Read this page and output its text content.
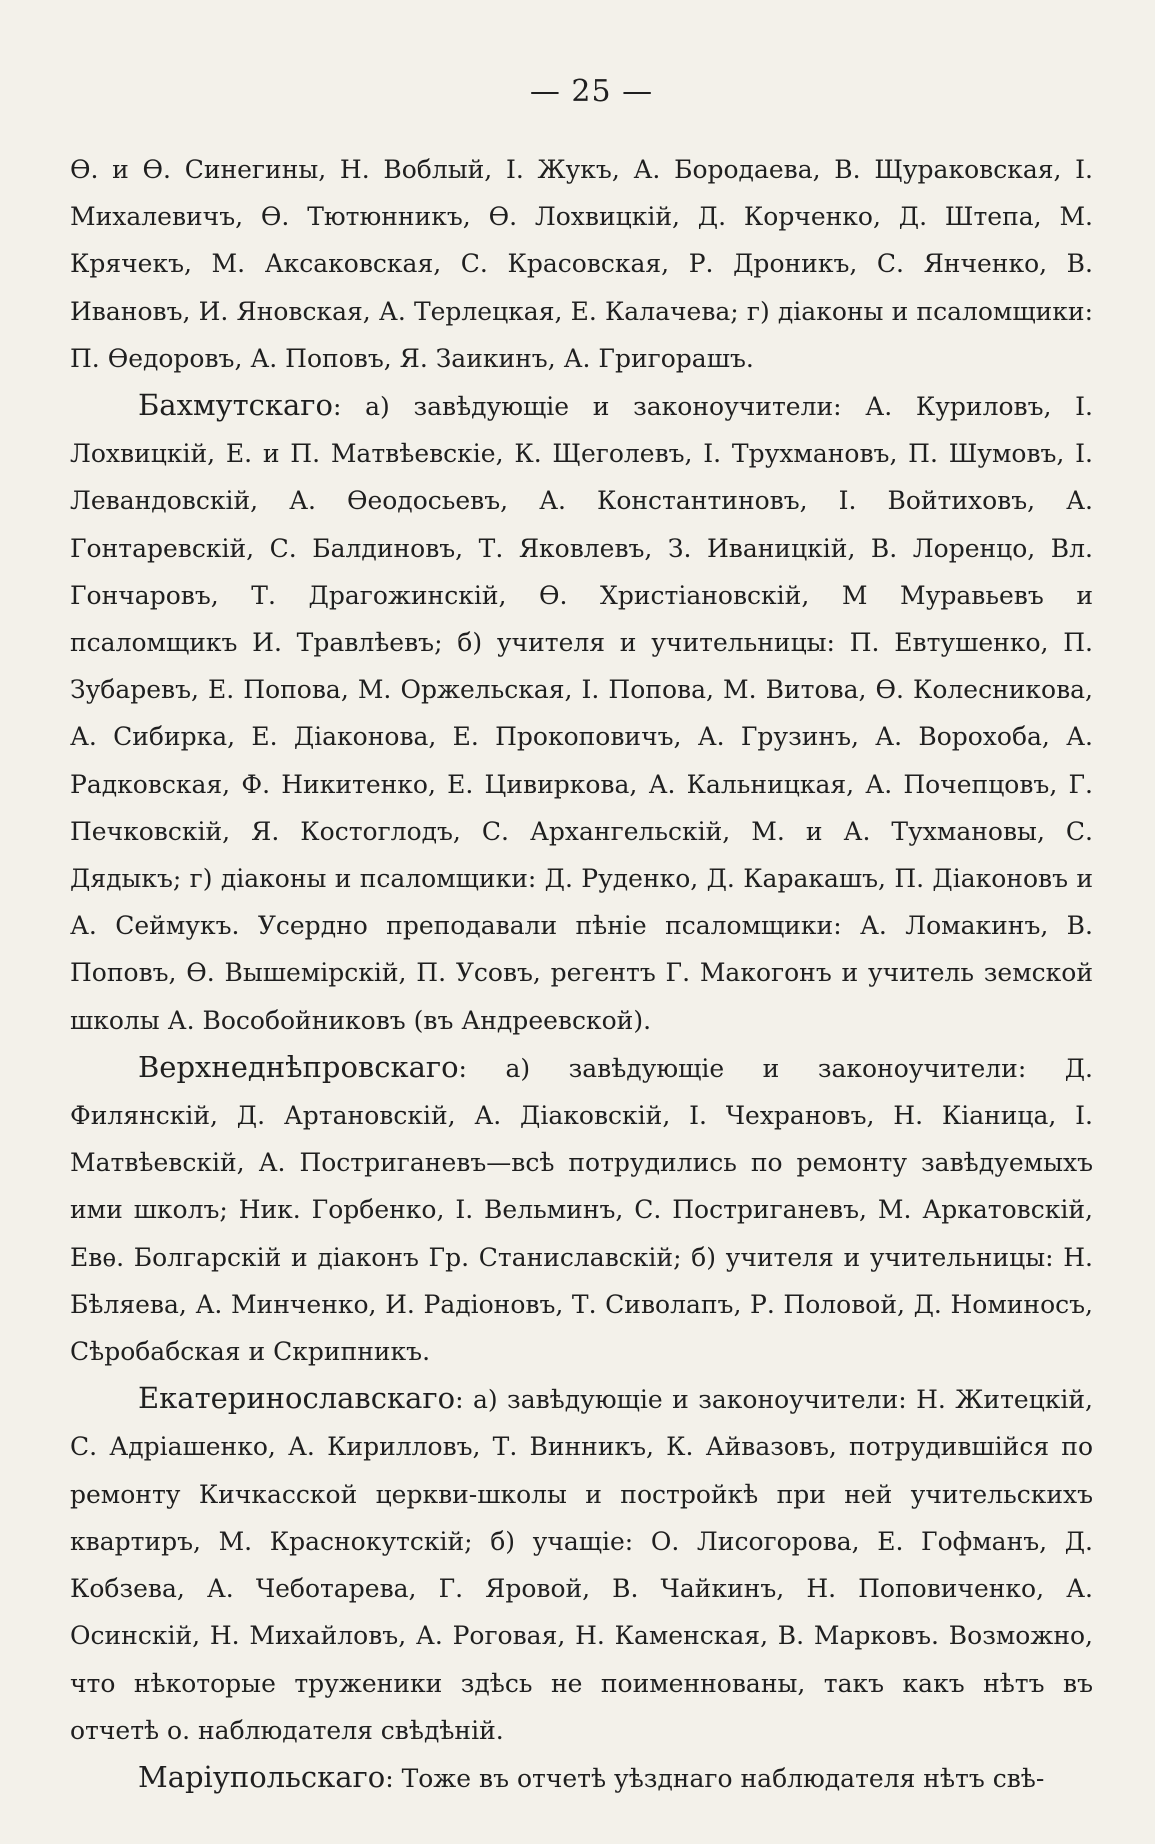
— 25 —

Ѳ. и Ѳ. Синегины, Н. Воблый, І. Жукъ, А. Бородаева, В. Щураковская, І. Михалевичъ, Ѳ. Тютюнникъ, Ѳ. Лохвицкій, Д. Корченко, Д. Штепа, М. Крячекъ, М. Аксаковская, С. Красовская, Р. Дроникъ, С. Янченко, В. Ивановъ, И. Яновская, А. Терлецкая, Е. Калачева; г) діаконы и псаломщики: П. Ѳедоровъ, А. Поповъ, Я. Заикинъ, А. Григорашъ.

Бахмутскаго: а) завѣдующіе и законоучители: А. Куриловъ, І. Лохвицкій, Е. и П. Матвѣевскіе, К. Щеголевъ, І. Трухмановъ, П. Шумовъ, І. Левандовскій, А. Ѳеодосьевъ, А. Константиновъ, І. Войтиховъ, А. Гонтаревскій, С. Балдиновъ, Т. Яковлевъ, З. Иваницкій, В. Лоренцо, Вл. Гончаровъ, Т. Драгожинскій, Ѳ. Христіановскій, М Муравьевъ и псаломщикъ И. Травлѣевъ; б) учителя и учительницы: П. Евтушенко, П. Зубаревъ, Е. Попова, М. Оржельская, І. Попова, М. Витова, Ѳ. Колесникова, А. Сибирка, Е. Діаконова, Е. Прокоповичъ, А. Грузинъ, А. Ворохоба, А. Радковская, Ф. Никитенко, Е. Цивиркова, А. Кальницкая, А. Почепцовъ, Г. Печковскій, Я. Костоглодъ, С. Архангельскій, М. и А. Тухмановы, С. Дядыкъ; г) діаконы и псаломщики: Д. Руденко, Д. Каракашъ, П. Діаконовъ и А. Сеймукъ. Усердно преподавали пѣніе псаломщики: А. Ломакинъ, В. Поповъ, Ѳ. Вышемірскій, П. Усовъ, регентъ Г. Макогонъ и учитель земской школы А. Вособойниковъ (въ Андреевской).

Верхнеднѣпровскаго: а) завѣдующіе и законоучители: Д. Филянскій, Д. Артановскій, А. Діаковскій, І. Чехрановъ, Н. Кіаница, І. Матвѣевскій, А. Постриганевъ—всѣ потрудились по ремонту завѣдуемыхъ ими школъ; Ник. Горбенко, І. Вельминъ, С. Постриганевъ, М. Аркатовскій, Евѳ. Болгарскій и діаконъ Гр. Станиславскій; б) учителя и учительницы: Н. Бѣляева, А. Минченко, И. Радіоновъ, Т. Сиволапъ, Р. Половой, Д. Номиносъ, Сѣробабская и Скрипникъ.

Екатеринославскаго: а) завѣдующіе и законоучители: Н. Житецкій, С. Адріашенко, А. Кирилловъ, Т. Винникъ, К. Айвазовъ, потрудившійся по ремонту Кичкасской церкви-школы и постройкѣ при ней учительскихъ квартиръ, М. Краснокутскій; б) учащіе: О. Лисогорова, Е. Гофманъ, Д. Кобзева, А. Чеботарева, Г. Яровой, В. Чайкинъ, Н. Поповиченко, А. Осинскій, Н. Михайловъ, А. Роговая, Н. Каменская, В. Марковъ. Возможно, что нѣкоторые труженики здѣсь не поименнованы, такъ какъ нѣтъ въ отчетѣ о. наблюдателя свѣдѣній.

Маріупольскаго: Тоже въ отчетѣ уѣзднаго наблюдателя нѣтъ свѣ-
